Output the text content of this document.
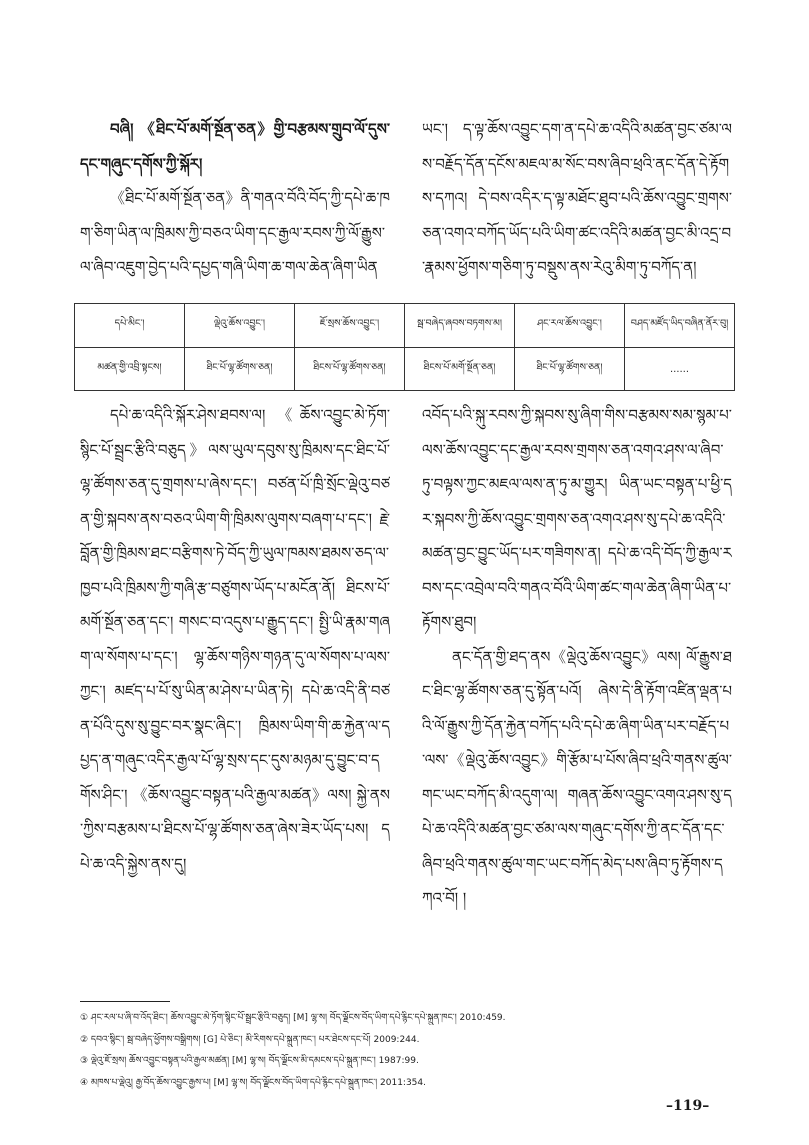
བཞི། 《ཐིང་པོ་མགོ་སྔོན་ཅན》གྱི་བརྩམས་གྲུབ་ལོ་དུས་དང་གཞུང་དགོས་ཀྱི་སྐོར།

《ཐིང་པོ་མགོ་སྔོན་ཅན》ནི་གནའ་བོའི་བོད་ཀྱི་དཔེ་ཆ་ཁག་ཅིག་ཡིན་ལ་ཁྲིམས་ཀྱི་བཅའ་ཡིག་དང་རྒྱལ་རབས་ཀྱི་ལོ་རྒྱུས་ལ་ཞིབ་འཇུག་བྱེད་པའི་དཔྱད་གཞི་ཡིག་ཆ་གལ་ཆེན་ཞིག་ཡིན

ཡང་། ད་ལྟ་ཆོས་འབྱུང་དག་ན་དཔེ་ཆ་འདིའི་མཚན་བྱང་ཙམ་ལས་བརྗོད་དོན་དངོས་མཇལ་མ་སོང་བས་ཞིབ་ཕྲའི་ནང་དོན་དེ་རྟོགས་དཀའ། དེ་བས་འདིར་ད་ལྟ་མཐོང་ཐུབ་པའི་ཆོས་འབྱུང་གྲགས་ཅན་འགའ་བཀོད་ཡོད་པའི་ཡིག་ཚང་འདིའི་མཚན་བྱང་མི་འདྲ་བ་རྣམས་ཕྱོགས་གཅིག་ཏུ་བསྡུས་ནས་རེའུ་མིག་ཏུ་བཀོད་ན།

དཔེ་མིང་།	ལྡེའུ་ཆོས་འབྱུང་།	ཇོ་སྲས་ཆོས་འབྱུང་།	སྦ་བཞེད་ཞབས་བཏགས་མ།	ཤང་རལ་ཆོས་འབྱུང་།	བཤད་མཛོད་ཡིད་བཞིན་ནོར་བུ།
མཚན་གྱི་འབྲི་སྟངས།	ཐིང་པོ་ལྷ་ཚོགས་ཅན།	ཐིངས་པོ་ལྷ་ཚོགས་ཅན།	ཐིངས་པོ་མགོ་སྔོན་ཅན།	ཐིང་པོ་ལྷ་ཚོགས་ཅན།	……

དཔེ་ཆ་འདིའི་སྐོར་ཤེས་ཐབས་ལ། 《ཆོས་འབྱུང་མེ་ཏོག་སྙིང་པོ་སྦྲང་རྩིའི་བཅུད》ལས་ཡུལ་དབུས་སུ་ཁྲིམས་དང་ཐིང་པོ་ལྷ་ཚོགས་ཅན་དུ་གྲགས་པ་ཞེས་དང་། བཙན་པོ་ཁྲི་སྲོང་ལྡེའུ་བཙན་གྱི་སྐབས་ནས་བཅའ་ཡིག་གི་ཁྲིམས་ལུགས་བཞག་པ་དང་། རྗེ་བློན་གྱི་ཁྲིམས་ཐང་བརྩིགས་ཏེ་བོད་ཀྱི་ཡུལ་ཁམས་ཐམས་ཅད་ལ་ཁྱབ་པའི་ཁྲིམས་ཀྱི་གཞི་རྩ་བཙུགས་ཡོད་པ་མངོན་ནོ། ཐིངས་པོ་མགོ་སྔོན་ཅན་དང་། གསང་བ་འདུས་པ་རྒྱུད་དང་། སྤྱི་ཡི་རྣམ་གཞག་ལ་སོགས་པ་དང་། ལྷ་ཆོས་གཉིས་གཉན་དུ་ལ་སོགས་པ་ལས་ཀྱང་། མཛད་པ་པོ་སུ་ཡིན་མ་ཤེས་པ་ཡིན་ཏེ། དཔེ་ཆ་འདི་ནི་བཙན་པོའི་དུས་སུ་བྱུང་བར་སྣང་ཞིང་། ཁྲིམས་ཡིག་གི་ཆ་རྐྱེན་ལ་དཔྱད་ན་གཞུང་འདིར་རྒྱལ་པོ་ལྷ་སྲས་དང་དུས་མཉམ་དུ་བྱུང་བ་དགོས་ཤིང་། 《ཆོས་འབྱུང་བསྟན་པའི་རྒྱལ་མཚན》ལས། སྐྱེ་ནས་ཀྱིས་བརྩམས་པ་ཐིངས་པོ་ལྷ་ཚོགས་ཅན་ཞེས་ཟེར་ཡོད་པས། དཔེ་ཆ་འདི་སྐྱེས་ནས་དུ།

འབོད་པའི་སྐུ་རབས་ཀྱི་སྐབས་སུ་ཞིག་གིས་བརྩམས་སམ་སྙམ་པ་ལས་ཆོས་འབྱུང་དང་རྒྱལ་རབས་གྲགས་ཅན་འགའ་ཤས་ལ་ཞིབ་ཏུ་བལྟས་ཀྱང་མཇལ་ལས་ན་ཏུ་མ་གྱུར། ཡིན་ཡང་བསྟན་པ་ཕྱི་དར་སྐབས་ཀྱི་ཆོས་འབྱུང་གྲགས་ཅན་འགའ་ཤས་སུ་དཔེ་ཆ་འདིའི་མཚན་བྱང་བྱུང་ཡོད་པར་གཟིགས་ན། དཔེ་ཆ་འདི་བོད་ཀྱི་རྒྱལ་རབས་དང་འབྲེལ་བའི་གནའ་བོའི་ཡིག་ཚང་གལ་ཆེན་ཞིག་ཡིན་པ་རྟོགས་ཐུབ།

ནང་དོན་གྱི་ཐད་ནས《ལྡེའུ་ཆོས་འབྱུང》ལས། ལོ་རྒྱུས་ཐང་ཐིང་ལྷ་ཚོགས་ཅན་དུ་སྟོན་པའོ། ཞེས་དེ་ནི་རྟོག་འཛིན་ལྡན་པའི་ལོ་རྒྱུས་ཀྱི་དོན་རྐྱེན་བཀོད་པའི་དཔེ་ཆ་ཞིག་ཡིན་པར་བརྗོད་པ་ལས་《ལྡེའུ་ཆོས་འབྱུང》གི་རྩོམ་པ་པོས་ཞིབ་ཕྲའི་གནས་ཚུལ་གང་ཡང་བཀོད་མི་འདུག་ལ། གཞན་ཆོས་འབྱུང་འགའ་ཤས་སུ་དཔེ་ཆ་འདིའི་མཚན་བྱང་ཙམ་ལས་གཞུང་དགོས་ཀྱི་ནང་དོན་དང་ཞིབ་ཕྲའི་གནས་ཚུལ་གང་ཡང་བཀོད་མེད་པས་ཞིབ་ཏུ་རྟོགས་དཀའ་བོ། །

① ཤང་རལ་པ་ཞི་བ་འོད་ཐིང་། ཆོས་འབྱུང་མེ་ཏོག་སྙིང་པོ་སྦྲང་རྩིའི་བཅུད། [M] ལྷ་ས། བོད་ལྗོངས་བོད་ཡིག་དཔེ་རྙིང་དཔེ་སྐྲུན་ཁང་། 2010:459.
② དབའ་སྙིང་། སྦ་བཞེད་ཕྱོགས་བསྒྲིགས། [G] པེ་ཅིང་། མི་རིགས་དཔེ་སྐྲུན་ཁང་། པར་ཐེངས་དང་པོ། 2009:244.
③ ལྡེའུ་ཇོ་སྲས། ཆོས་འབྱུང་བསྟན་པའི་རྒྱལ་མཚན། [M] ལྷ་ས། བོད་ལྗོངས་མི་དམངས་དཔེ་སྐྲུན་ཁང་། 1987:99.
④ མཁས་པ་ལྡེའུ། རྒྱ་བོད་ཆོས་འབྱུང་རྒྱས་པ། [M] ལྷ་ས། བོད་ལྗོངས་བོད་ཡིག་དཔེ་རྙིང་དཔེ་སྐྲུན་ཁང་། 2011:354.
–119–
